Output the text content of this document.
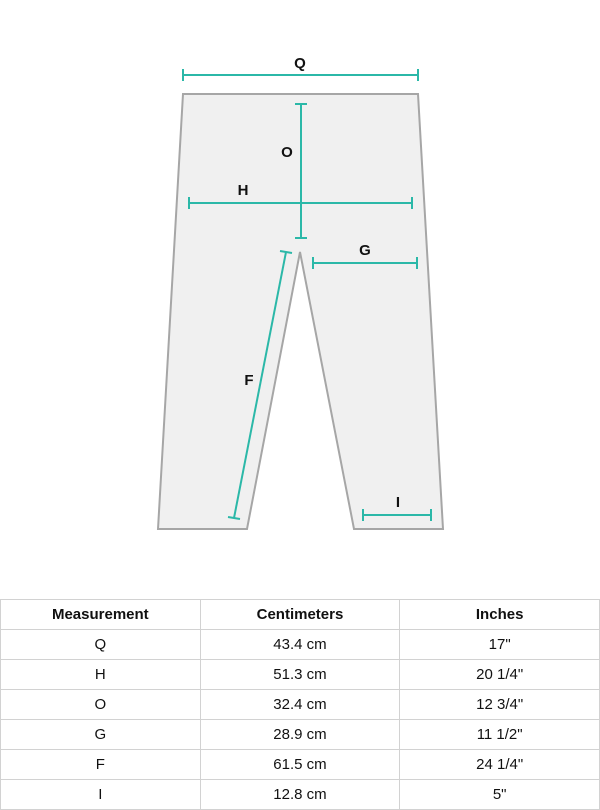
Q
O
H
G
F
I
Measurement	Centimeters	Inches
Q	43.4 cm	17"
H	51.3 cm	20 1/4"
O	32.4 cm	12 3/4"
G	28.9 cm	11 1/2"
F	61.5 cm	24 1/4"
I	12.8 cm	5"
